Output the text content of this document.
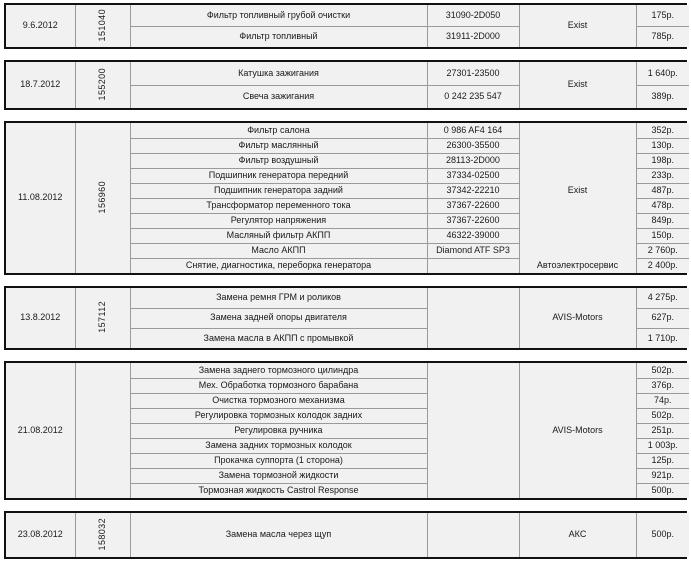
9.6.2012	151040	Фильтр топливный грубой очистки	31090-2D050	Exist	175р.
		Фильтр топливный	31911-2D000		785р.
18.7.2012	155200	Катушка зажигания	27301-23500	Exist	1 640р.
		Свеча зажигания	0 242 235 547		389р.
11.08.2012	156960	Фильтр салона	0 986 AF4 164	Exist	352р.
		Фильтр маслянный	26300-35500		130р.
		Фильтр воздушный	28113-2D000		198р.
		Подшипник генератора передний	37334-02500		233р.
		Подшипник генератора задний	37342-22210		487р.
		Трансформатор переменного тока	37367-22600		478р.
		Регулятор напряжения	37367-22600		849р.
		Масляный фильтр АКПП	46322-39000		150р.
		Масло АКПП	Diamond ATF SP3		2 760р.
		Снятие, диагностика, переборка генератора		Автоэлектросервис	2 400р.
13.8.2012	157112	Замена ремня ГРМ и роликов		AVIS-Motors	4 275р.
		Замена задней опоры двигателя			627р.
		Замена масла в АКПП с промывкой			1 710р.
21.08.2012		Замена заднего тормозного цилиндра		AVIS-Motors	502р.
		Мех. Обработка тормозного барабана			376р.
		Очистка тормозного механизма			74р.
		Регулировка тормозных колодок задних			502р.
		Регулировка ручника			251р.
		Замена задних тормозных колодок			1 003р.
		Прокачка суппорта (1 сторона)			125р.
		Замена тормозной жидкости			921р.
		Тормозная жидкость Castrol Response			500р.
23.08.2012	158032	Замена масла через щуп		АКС	500р.
